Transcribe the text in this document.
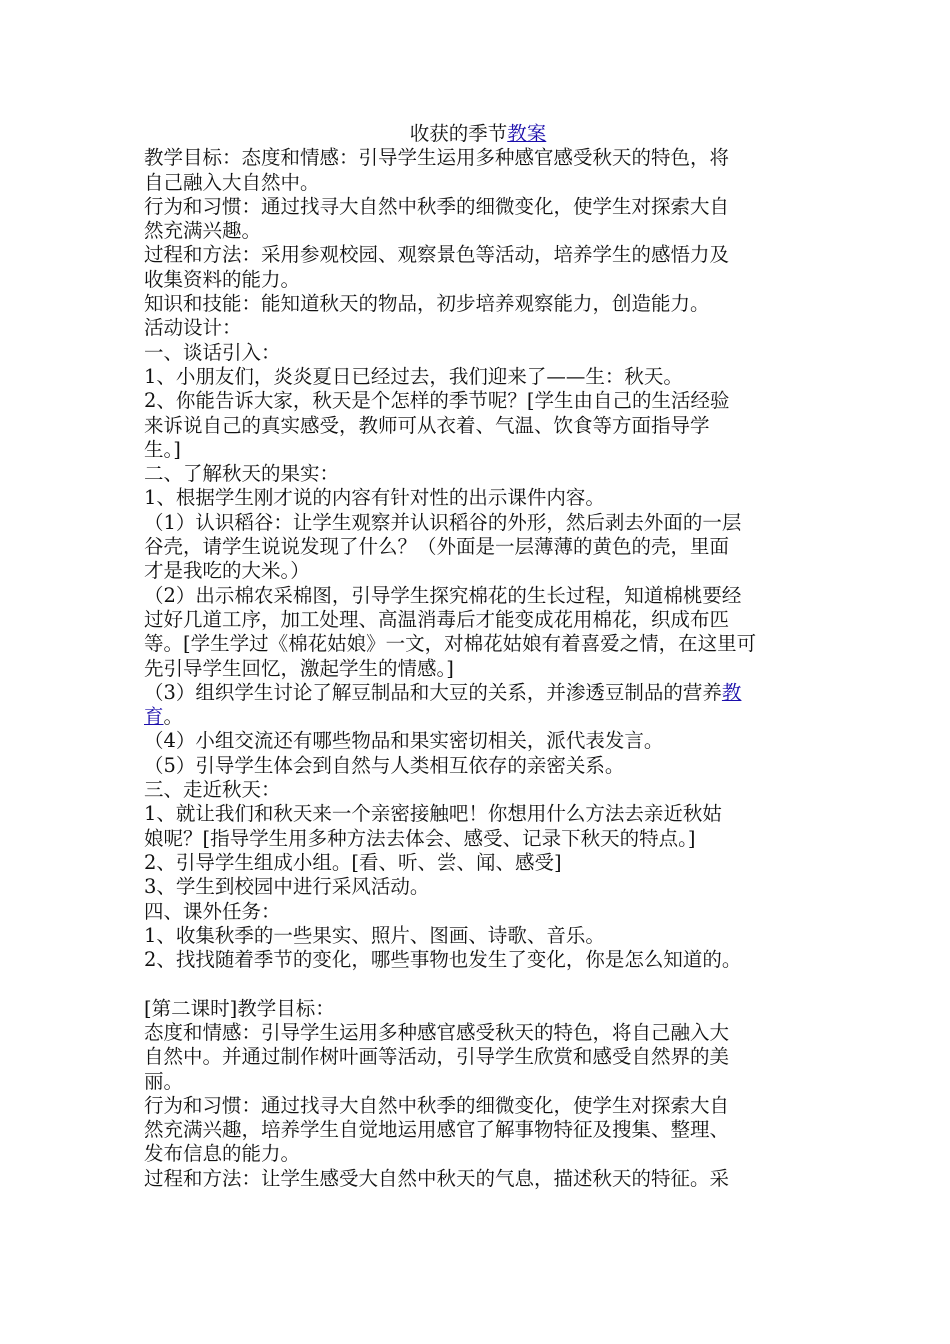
收获的季节教案

教学目标：态度和情感：引导学生运用多种感官感受秋天的特色，将

自己融入大自然中。

行为和习惯：通过找寻大自然中秋季的细微变化，使学生对探索大自

然充满兴趣。

过程和方法：采用参观校园、观察景色等活动，培养学生的感悟力及

收集资料的能力。

知识和技能：能知道秋天的物品，初步培养观察能力，创造能力。

活动设计：

一、谈话引入：

1、小朋友们，炎炎夏日已经过去，我们迎来了——生：秋天。

2、你能告诉大家，秋天是个怎样的季节呢？[学生由自己的生活经验

来诉说自己的真实感受，教师可从衣着、气温、饮食等方面指导学

生。]

二、了解秋天的果实：

1、根据学生刚才说的内容有针对性的出示课件内容。

（1）认识稻谷：让学生观察并认识稻谷的外形，然后剥去外面的一层

谷壳，请学生说说发现了什么？（外面是一层薄薄的黄色的壳，里面

才是我吃的大米。）

（2）出示棉农采棉图，引导学生探究棉花的生长过程，知道棉桃要经

过好几道工序，加工处理、高温消毒后才能变成花用棉花，织成布匹

等。[学生学过《棉花姑娘》一文，对棉花姑娘有着喜爱之情，在这里可

先引导学生回忆，激起学生的情感。]

（3）组织学生讨论了解豆制品和大豆的关系，并渗透豆制品的营养教

育。

（4）小组交流还有哪些物品和果实密切相关，派代表发言。

（5）引导学生体会到自然与人类相互依存的亲密关系。

三、走近秋天：

1、就让我们和秋天来一个亲密接触吧！你想用什么方法去亲近秋姑

娘呢？[指导学生用多种方法去体会、感受、记录下秋天的特点。]

2、引导学生组成小组。[看、听、尝、闻、感受]

3、学生到校园中进行采风活动。

四、课外任务：

1、收集秋季的一些果实、照片、图画、诗歌、音乐。

2、找找随着季节的变化，哪些事物也发生了变化，你是怎么知道的。

[第二课时]教学目标：

态度和情感：引导学生运用多种感官感受秋天的特色，将自己融入大

自然中。并通过制作树叶画等活动，引导学生欣赏和感受自然界的美

丽。

行为和习惯：通过找寻大自然中秋季的细微变化，使学生对探索大自

然充满兴趣，培养学生自觉地运用感官了解事物特征及搜集、整理、

发布信息的能力。

过程和方法：让学生感受大自然中秋天的气息，描述秋天的特征。采
